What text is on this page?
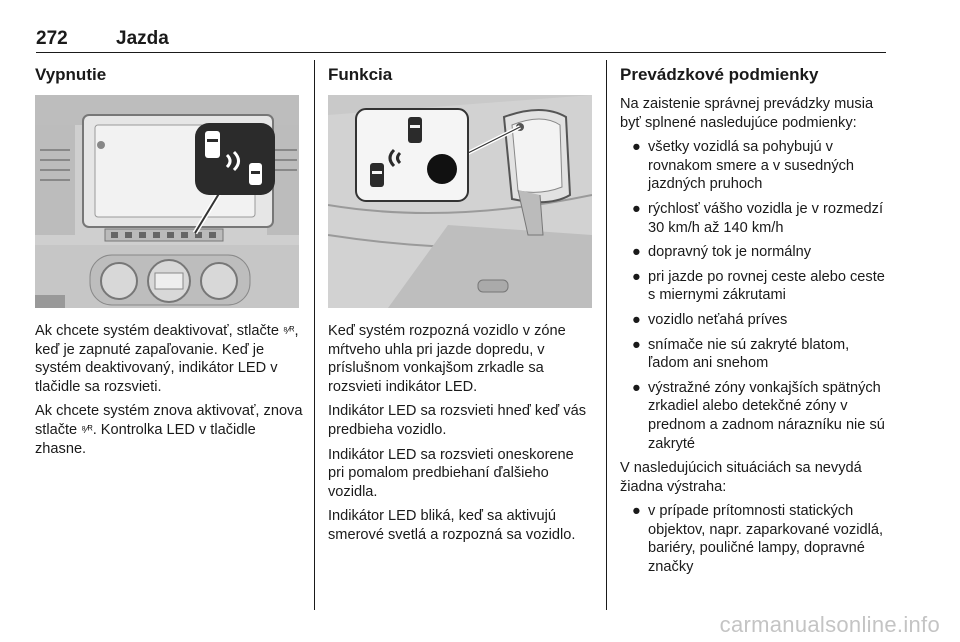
272	Jazda
Vypnutie

Ak chcete systém deaktivovať, stlačte ⁸⁄ᴿ, keď je zapnuté zapaľovanie. Keď je systém deaktivovaný, indikátor LED v tlačidle sa rozsvieti.

Ak chcete systém znova aktivovať, znova stlačte ⁸⁄ᴿ. Kontrolka LED v tlačidle zhasne.

Funkcia

Keď systém rozpozná vozidlo v zóne mŕtveho uhla pri jazde dopredu, v príslušnom vonkajšom zrkadle sa rozsvieti indikátor LED.

Indikátor LED sa rozsvieti hneď keď vás predbieha vozidlo.

Indikátor LED sa rozsvieti oneskorene pri pomalom predbiehaní ďalšieho vozidla.

Indikátor LED bliká, keď sa aktivujú smerové svetlá a rozpozná sa vozidlo.

Prevádzkové podmienky

Na zaistenie správnej prevádzky musia byť splnené nasledujúce podmienky:

● všetky vozidlá sa pohybujú v rovnakom smere a v susedných jazdných pruhoch
● rýchlosť vášho vozidla je v rozmedzí 30 km/h až 140 km/h
● dopravný tok je normálny
● pri jazde po rovnej ceste alebo ceste s miernymi zákrutami
● vozidlo neťahá príves
● snímače nie sú zakryté blatom, ľadom ani snehom
● výstražné zóny vonkajších spätných zrkadiel alebo detekčné zóny v prednom a zadnom nárazníku nie sú zakryté

V nasledujúcich situáciách sa nevydá žiadna výstraha:

● v prípade prítomnosti statických objektov, napr. zaparkované vozidlá, bariéry, pouličné lampy, dopravné značky
carmanualsonline.info
